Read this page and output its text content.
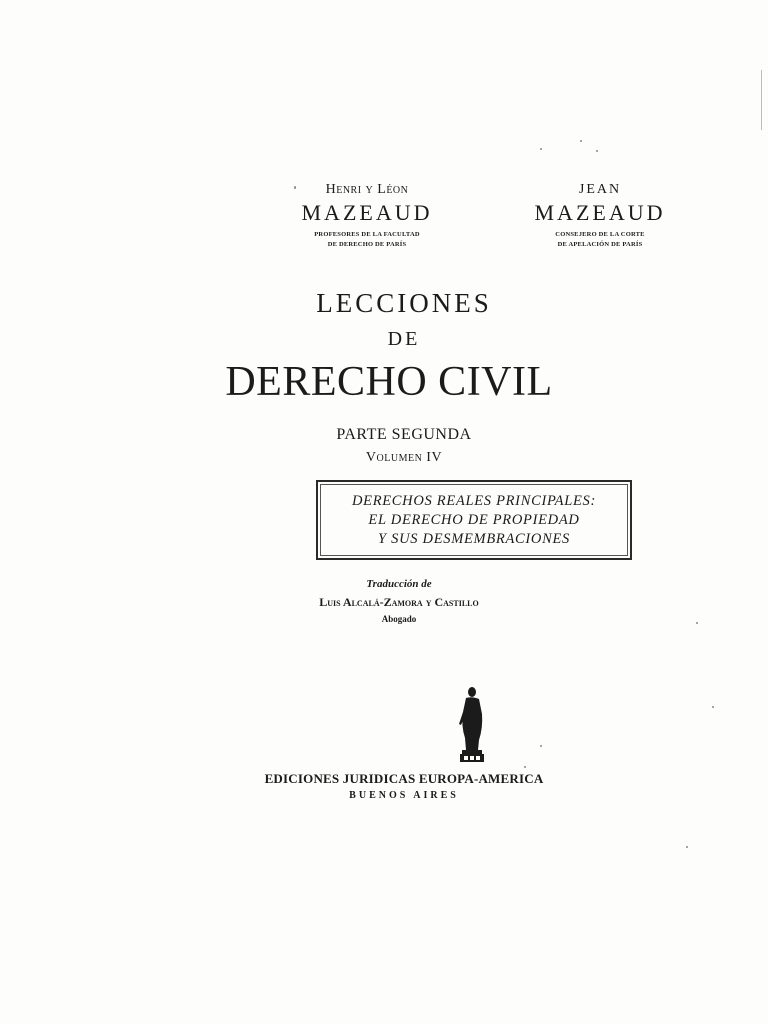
Henri y Léon
MAZEAUD
PROFESORES DE LA FACULTAD
DE DERECHO DE PARÍS
JEAN
MAZEAUD
CONSEJERO DE LA CORTE
DE APELACIÓN DE PARÍS
LECCIONES
DE
DERECHO CIVIL
PARTE SEGUNDA
Volumen IV
DERECHOS REALES PRINCIPALES:
EL DERECHO DE PROPIEDAD
Y SUS DESMEMBRACIONES
Traducción de
Luis Alcalá-Zamora y Castillo
Abogado
EDICIONES JURIDICAS EUROPA-AMERICA
BUENOS AIRES
